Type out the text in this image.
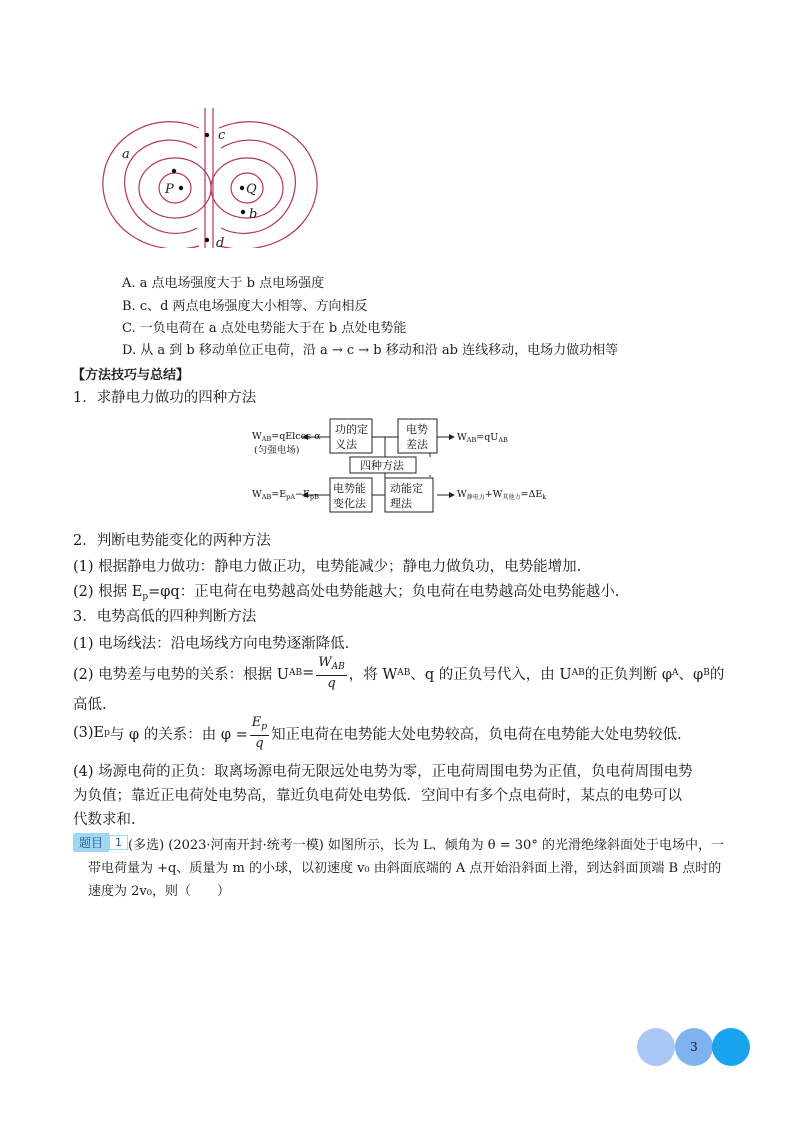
a
c
P	Q
b
d
A. a 点电场强度大于 b 点电场强度
B. c、d 两点电场强度大小相等、方向相反
C. 一负电荷在 a 点处电势能大于在 b 点处电势能
D. 从 a 到 b 移动单位正电荷，沿 a → c → b 移动和沿 ab 连线移动，电场力做功相等
【方法技巧与总结】
1．求静电力做功的四种方法
功的定
义法
电势
差法
四种方法
电势能
变化法
动能定
理法
$W_{AB}=qElcos$ α
(匀强电场)
$W_{AB}=qU_{AB}$
$W_{AB}=E_{pA}-E_{pB}$	$W_{静电力}+W_{其他力}=\Delta E_k$
2．判断电势能变化的两种方法
(1) 根据静电力做功：静电力做正功，电势能减少；静电力做负功，电势能增加.
(2) 根据 $E_p=\varphi q$：正电荷在电势越高处电势能越大；负电荷在电势越高处电势能越小.
3．电势高低的四种判断方法
(1) 电场线法：沿电场线方向电势逐渐降低.
(2) 电势差与电势的关系：根据 U AB = $\frac{W_{AB}}{q}$ ，将 W AB 、q 的正负号代入，由 U AB 的正负判断 φ A 、φ B 的
高低.
(3)E p 与 φ 的关系：由 $\varphi = \frac{E_p}{q}$ 知正电荷在电势能大处电势较高，负电荷在电势能大处电势较低.
(4) 场源电荷的正负：取离场源电荷无限远处电势为零，正电荷周围电势为正值，负电荷周围电势
为负值；靠近正电荷处电势高，靠近负电荷处电势低．空间中有多个点电荷时，某点的电势可以
代数求和.
题目	1 (多选) (2023·河南开封·统考一模) 如图所示，长为 L、倾角为 θ = 30° 的光滑绝缘斜面处于电场中，一
带电荷量为 +q、质量为 m 的小球，以初速度 v₀ 由斜面底端的 A 点开始沿斜面上滑，到达斜面顶端 B 点时的
速度为 2v₀，则（　　）
3
